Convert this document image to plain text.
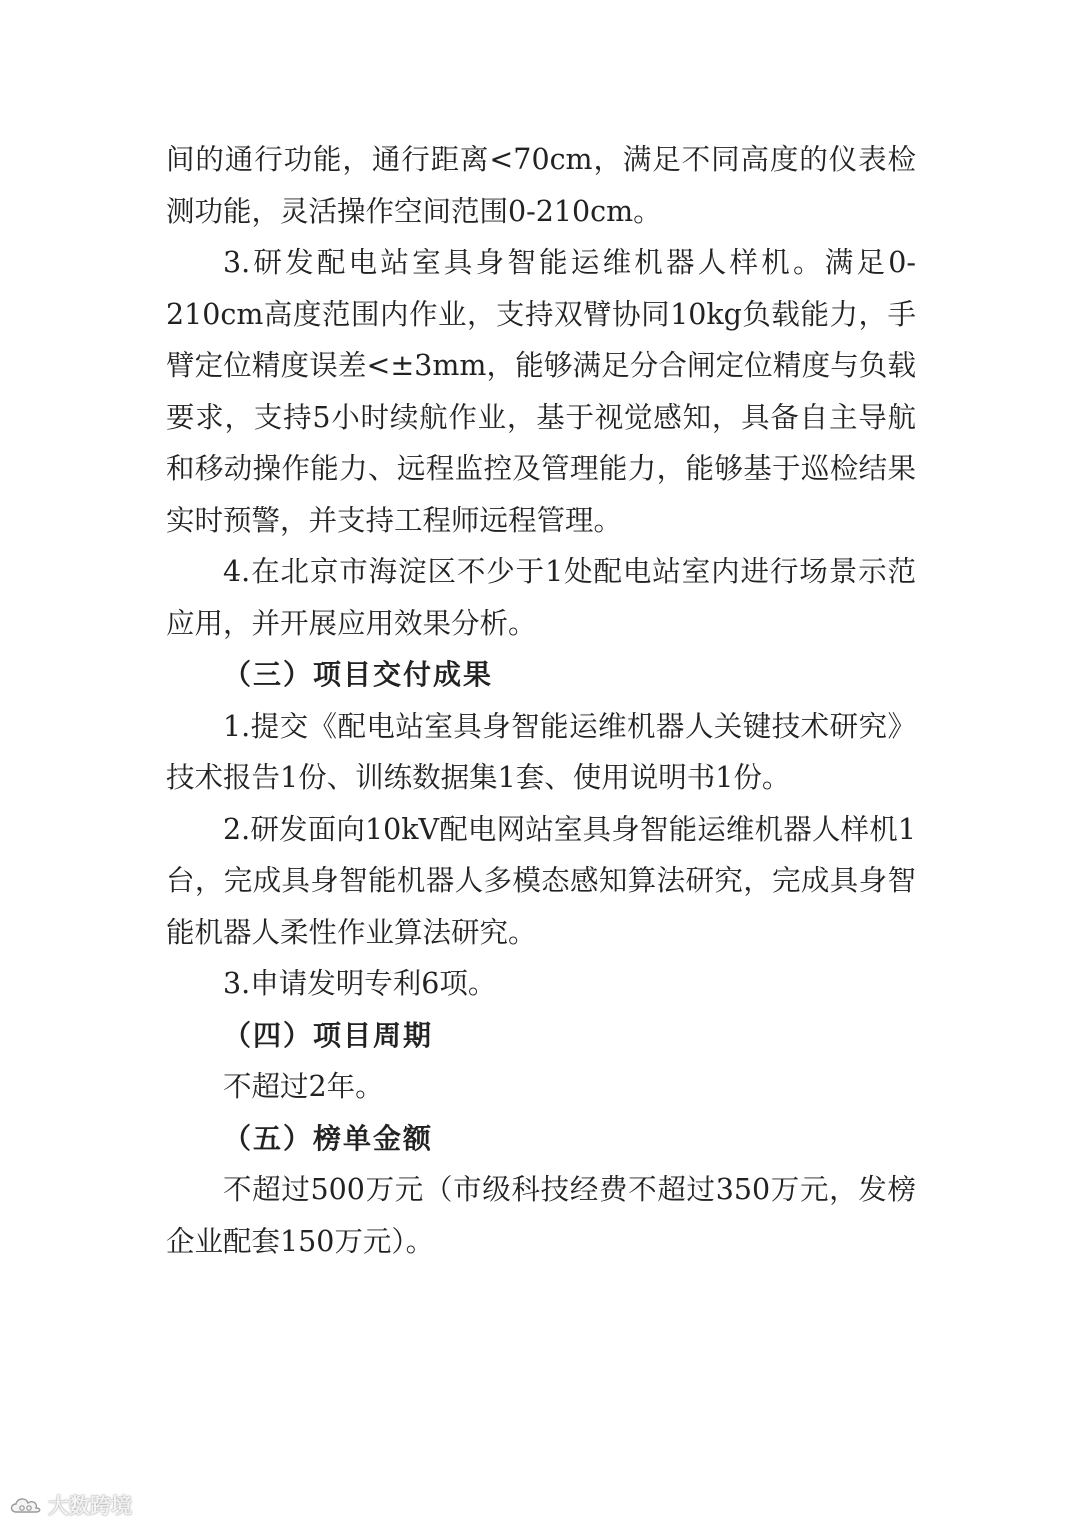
间的通行功能，通行距离<70cm，满足不同高度的仪表检测功能，灵活操作空间范围0-210cm。

3.研发配电站室具身智能运维机器人样机。满足0-210cm高度范围内作业，支持双臂协同10kg负载能力，手臂定位精度误差<±3mm，能够满足分合闸定位精度与负载要求，支持5小时续航作业，基于视觉感知，具备自主导航和移动操作能力、远程监控及管理能力，能够基于巡检结果实时预警，并支持工程师远程管理。

4.在北京市海淀区不少于1处配电站室内进行场景示范应用，并开展应用效果分析。

（三）项目交付成果

1.提交《配电站室具身智能运维机器人关键技术研究》技术报告1份、训练数据集1套、使用说明书1份。

2.研发面向10kV配电网站室具身智能运维机器人样机1台，完成具身智能机器人多模态感知算法研究，完成具身智能机器人柔性作业算法研究。

3.申请发明专利6项。

（四）项目周期

不超过2年。

（五）榜单金额

不超过500万元（市级科技经费不超过350万元，发榜企业配套150万元）。

大数跨境
